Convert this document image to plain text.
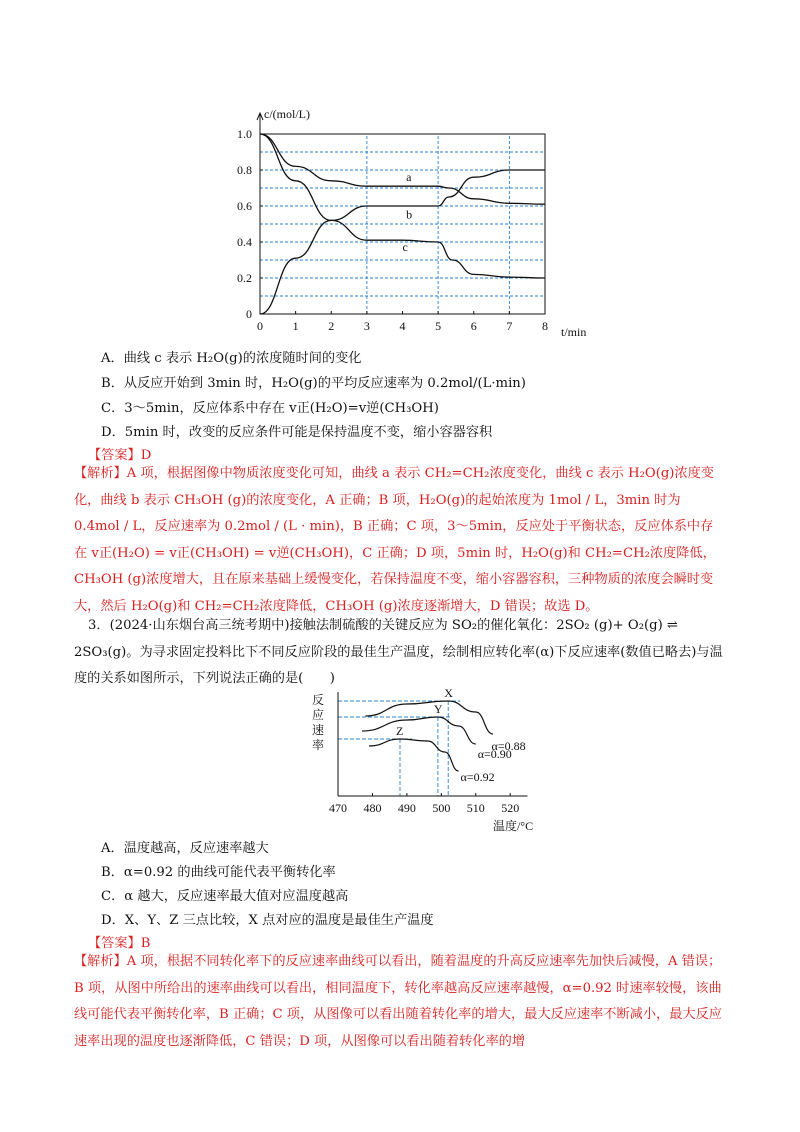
c/(mol/L)
t/min
0 1 2 3 4 5 6 7 8
0
0.2
0.4
0.6
0.8
1.0
a
b
c
A．曲线 c 表示 H₂O(g)的浓度随时间的变化
B．从反应开始到 3min 时，H₂O(g)的平均反应速率为 0.2mol/(L·min)
C．3～5min，反应体系中存在 v正(H₂O)=v逆(CH₃OH)
D．5min 时，改变的反应条件可能是保持温度不变，缩小容器容积
【答案】D
【解析】A 项，根据图像中物质浓度变化可知，曲线 a 表示 CH₂=CH₂浓度变化，曲线 c 表示 H₂O(g)浓度变化，曲线 b 表示 CH₃OH (g)的浓度变化，A 正确；B 项，H₂O(g)的起始浓度为 1mol / L，3min 时为 0.4mol / L，反应速率为 0.2mol / (L · min)，B 正确；C 项，3～5min，反应处于平衡状态，反应体系中存在 v正(H₂O) = v正(CH₃OH) = v逆(CH₃OH)，C 正确；D 项，5min 时，H₂O(g)和 CH₂=CH₂浓度降低，CH₃OH (g)浓度增大，且在原来基础上缓慢变化，若保持温度不变，缩小容器容积，三种物质的浓度会瞬时变大，然后 H₂O(g)和 CH₂=CH₂浓度降低，CH₃OH (g)浓度逐渐增大，D 错误；故选 D。
3．(2024·山东烟台高三统考期中)接触法制硫酸的关键反应为 SO₂的催化氧化：2SO₂ (g)+ O₂(g) ⇌ 2SO₃(g)。为寻求固定投料比下不同反应阶段的最佳生产温度，绘制相应转化率(α)下反应速率(数值已略去)与温度的关系如图所示，下列说法正确的是(　　)
反
应
速
率
470 480 490 500 510 520
温度/°C
X
α=0.88
Y
α=0.90
Z
α=0.92
A．温度越高，反应速率越大
B．α=0.92 的曲线可能代表平衡转化率
C．α 越大，反应速率最大值对应温度越高
D．X、Y、Z 三点比较，X 点对应的温度是最佳生产温度
【答案】B
【解析】A 项，根据不同转化率下的反应速率曲线可以看出，随着温度的升高反应速率先加快后减慢，A 错误；B 项，从图中所给出的速率曲线可以看出，相同温度下，转化率越高反应速率越慢，α=0.92 时速率较慢，该曲线可能代表平衡转化率，B 正确；C 项，从图像可以看出随着转化率的增大，最大反应速率不断减小，最大反应速率出现的温度也逐渐降低，C 错误；D 项，从图像可以看出随着转化率的增
